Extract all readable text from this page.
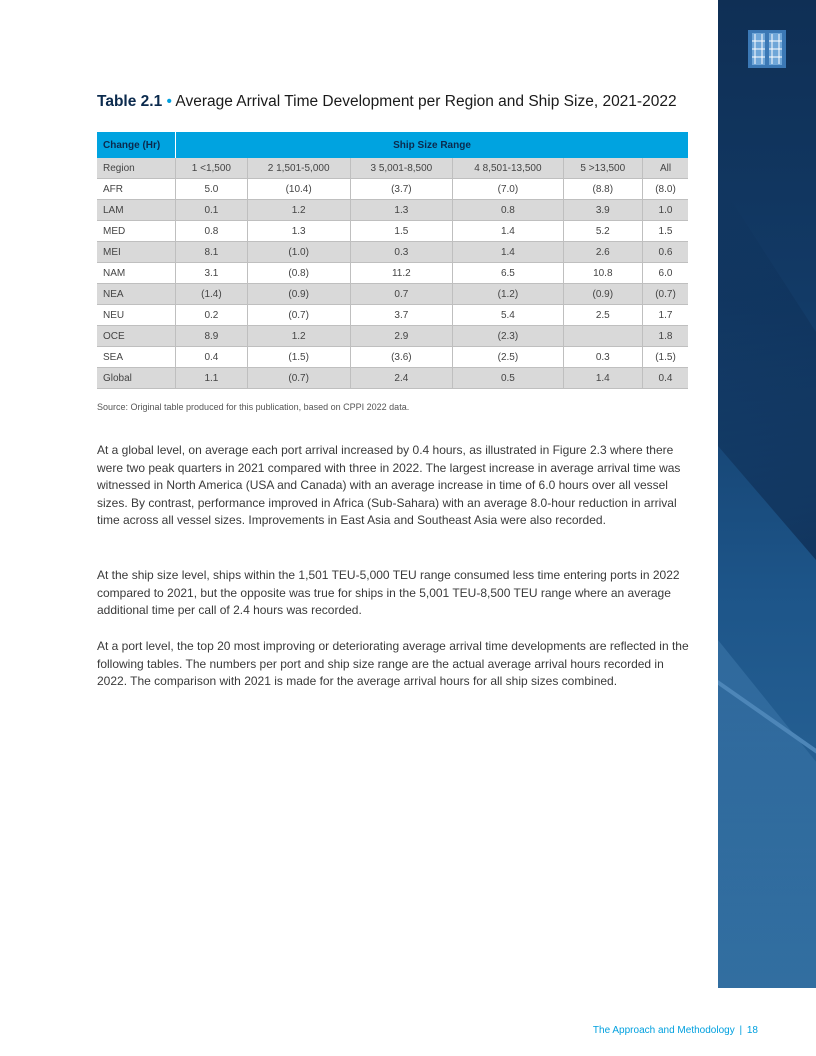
Table 2.1 • Average Arrival Time Development per Region and Ship Size, 2021-2022
Change (Hr)	Ship Size Range					
Region	1 <1,500	2 1,501-5,000	3 5,001-8,500	4 8,501-13,500	5 >13,500	All
AFR	5.0	(10.4)	(3.7)	(7.0)	(8.8)	(8.0)
LAM	0.1	1.2	1.3	0.8	3.9	1.0
MED	0.8	1.3	1.5	1.4	5.2	1.5
MEI	8.1	(1.0)	0.3	1.4	2.6	0.6
NAM	3.1	(0.8)	11.2	6.5	10.8	6.0
NEA	(1.4)	(0.9)	0.7	(1.2)	(0.9)	(0.7)
NEU	0.2	(0.7)	3.7	5.4	2.5	1.7
OCE	8.9	1.2	2.9	(2.3)		1.8
SEA	0.4	(1.5)	(3.6)	(2.5)	0.3	(1.5)
Global	1.1	(0.7)	2.4	0.5	1.4	0.4
Source: Original table produced for this publication, based on CPPI 2022 data.

At a global level, on average each port arrival increased by 0.4 hours, as illustrated in Figure 2.3 where there were two peak quarters in 2021 compared with three in 2022. The largest increase in average arrival time was witnessed in North America (USA and Canada) with an average increase in time of 6.0 hours over all vessel sizes. By contrast, performance improved in Africa (Sub-Sahara) with an average 8.0-hour reduction in arrival time across all vessel sizes. Improvements in East Asia and Southeast Asia were also recorded.

At the ship size level, ships within the 1,501 TEU-5,000 TEU range consumed less time entering ports in 2022 compared to 2021, but the opposite was true for ships in the 5,001 TEU-8,500 TEU range where an average additional time per call of 2.4 hours was recorded.

At a port level, the top 20 most improving or deteriorating average arrival time developments are reflected in the following tables. The numbers per port and ship size range are the actual average arrival hours recorded in 2022. The comparison with 2021 is made for the average arrival hours for all ship sizes combined.

The Approach and Methodology | 18
